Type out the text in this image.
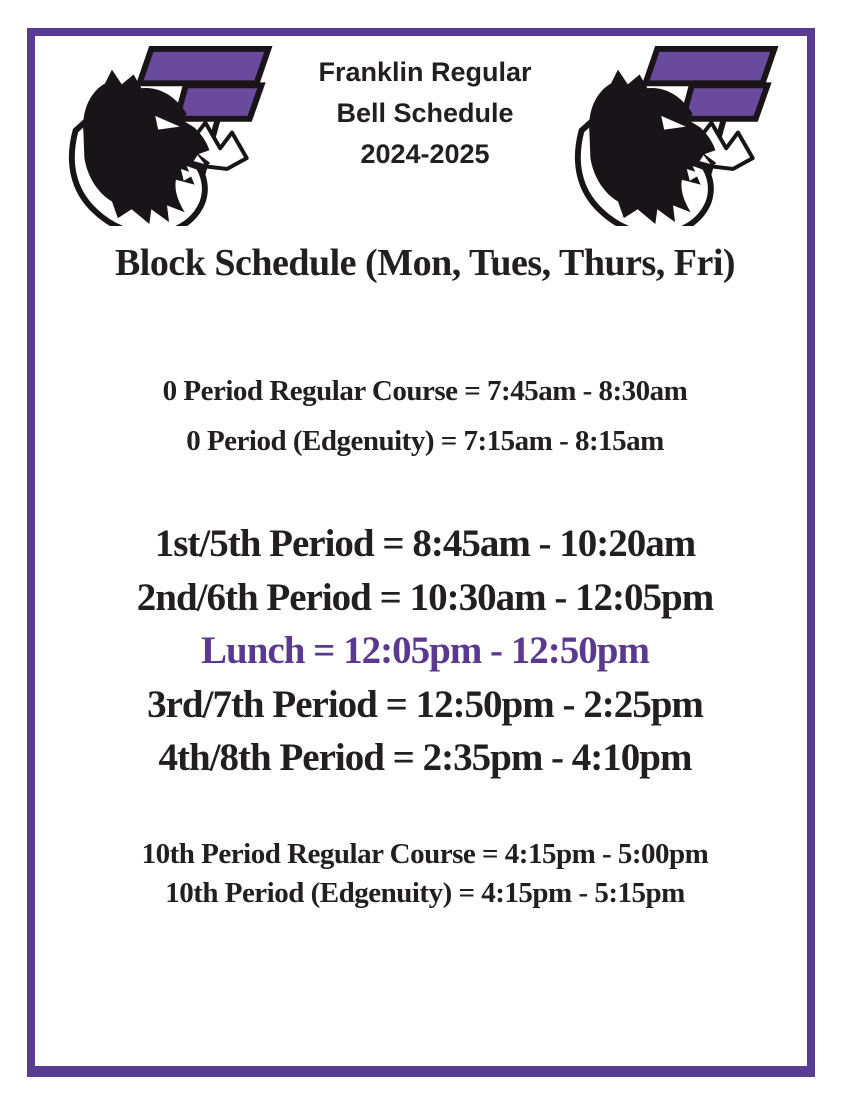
Franklin Regular
Bell Schedule
2024-2025
Block Schedule (Mon, Tues, Thurs, Fri)

0 Period Regular Course = 7:45am - 8:30am

0 Period (Edgenuity) = 7:15am - 8:15am

1st/5th Period = 8:45am - 10:20am

2nd/6th Period = 10:30am - 12:05pm

Lunch = 12:05pm - 12:50pm

3rd/7th Period = 12:50pm - 2:25pm

4th/8th Period = 2:35pm - 4:10pm

10th Period Regular Course = 4:15pm - 5:00pm

10th Period (Edgenuity) = 4:15pm - 5:15pm
